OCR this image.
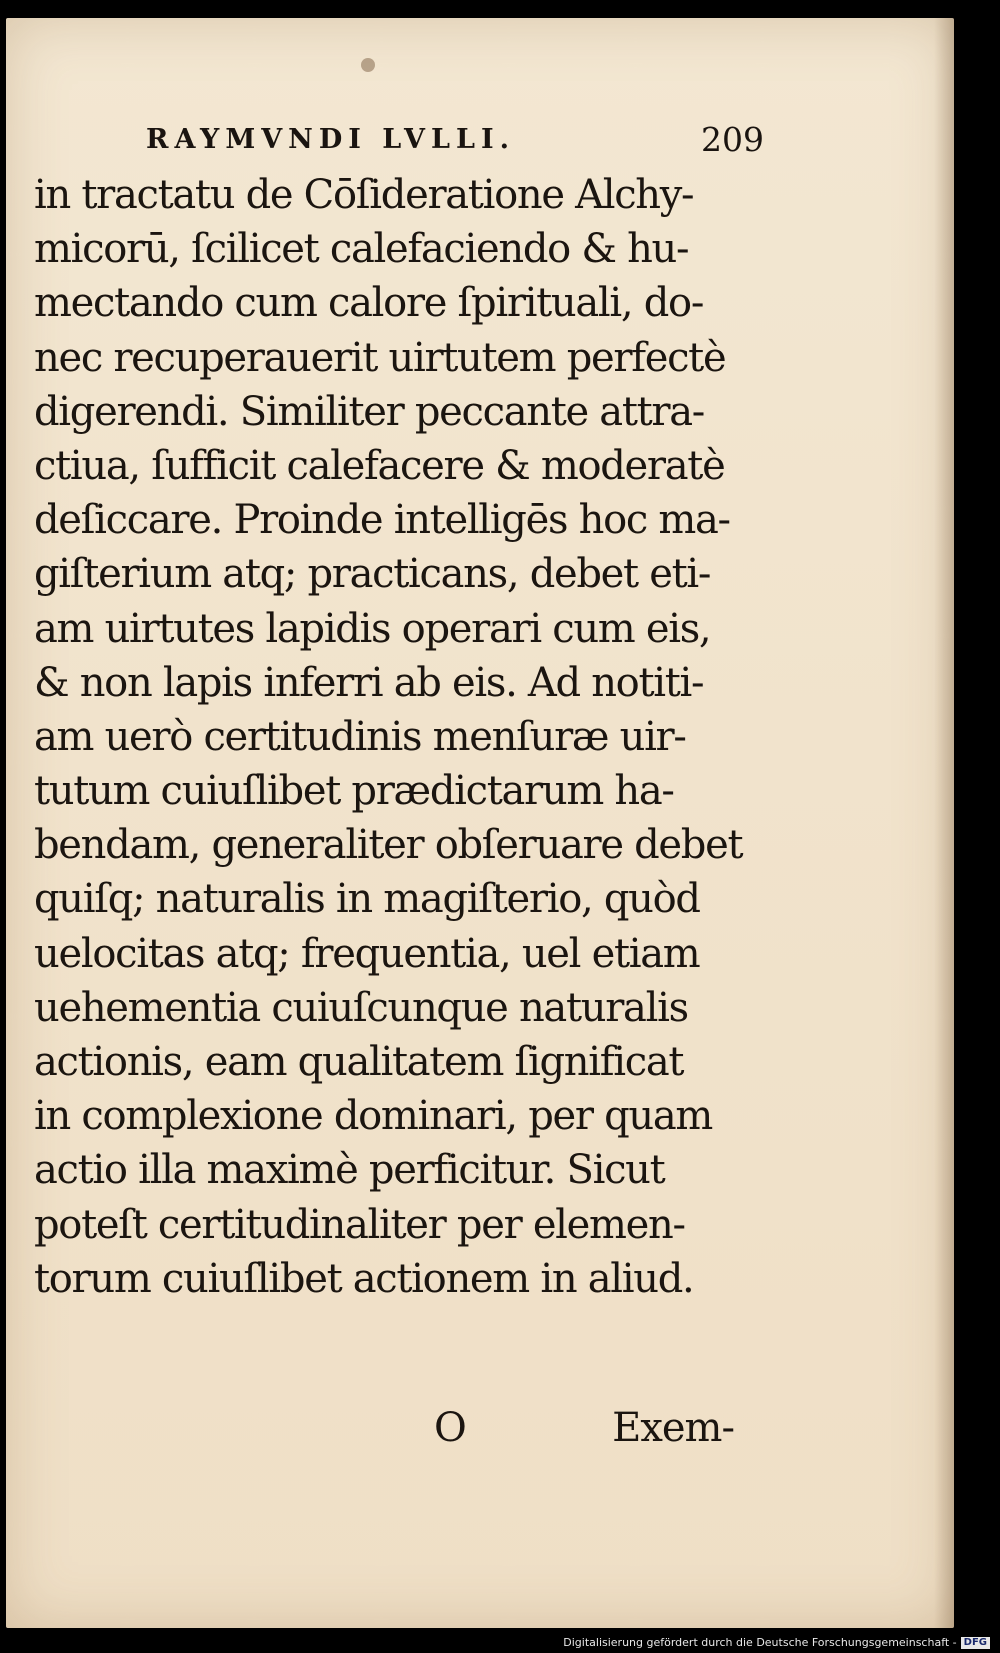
RAYMVNDI LVLLI.	209
in tractatu de Cōſideratione Alchy-
micorū, ſcilicet calefaciendo & hu-
mectando cum calore ſpirituali, do-
nec recuperauerit uirtutem perfectè
digerendi. Similiter peccante attra-
ctiua, ſufficit calefacere & moderatè
deſiccare. Proinde intelligēs hoc ma-
giſterium atq; practicans, debet eti-
am uirtutes lapidis operari cum eis,
& non lapis inferri ab eis. Ad notiti-
am uerò certitudinis menſuræ uir-
tutum cuiuſlibet prædictarum ha-
bendam, generaliter obſeruare debet
quiſq; naturalis in magiſterio, quòd
uelocitas atq; frequentia, uel etiam
uehementia cuiuſcunque naturalis
actionis, eam qualitatem ſignificat
in complexione dominari, per quam
actio illa maximè perficitur. Sicut
poteſt certitudinaliter per elemen-
torum cuiuſlibet actionem in aliud.
O	Exem-
Digitalisierung gefördert durch die Deutsche Forschungsgemeinschaft - DFG
